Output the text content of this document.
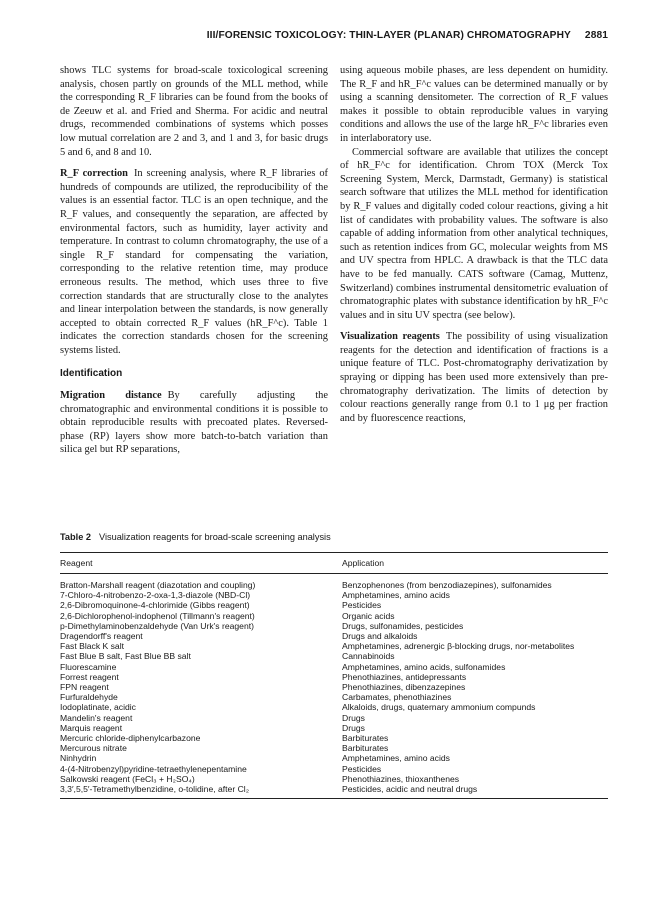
III/FORENSIC TOXICOLOGY: THIN-LAYER (PLANAR) CHROMATOGRAPHY 2881

shows TLC systems for broad-scale toxicological screening analysis, chosen partly on grounds of the MLL method, while the corresponding R_F libraries can be found from the books of de Zeeuw et al. and Fried and Sherma. For acidic and neutral drugs, recommended combinations of systems which posses low mutual correlation are 2 and 3, and 1 and 3, for basic drugs 5 and 6, and 8 and 10.

R_F correction In screening analysis, where R_F libraries of hundreds of compounds are utilized, the reproducibility of the values is an essential factor. TLC is an open technique, and the R_F values, and consequently the separation, are affected by environmental factors, such as humidity, layer activity and temperature. In contrast to column chromatography, the use of a single R_F standard for compensating the variation, corresponding to the relative retention time, may produce erroneous results. The method, which uses three to five correction standards that are structurally close to the analytes and linear interpolation between the standards, is now generally accepted to obtain corrected R_F values (hR_F^c). Table 1 indicates the correction standards chosen for the screening systems listed.

Identification

Migration distance By carefully adjusting the chromatographic and environmental conditions it is possible to obtain reproducible results with precoated plates. Reversed-phase (RP) layers show more batch-to-batch variation than silica gel but RP separations,

using aqueous mobile phases, are less dependent on humidity. The R_F and hR_F^c values can be determined manually or by using a scanning densitometer. The correction of R_F values makes it possible to obtain reproducible values in varying conditions and allows the use of the large hR_F^c libraries even in interlaboratory use.

Commercial software are available that utilizes the concept of hR_F^c for identification. Chrom TOX (Merck Tox Screening System, Merck, Darmstadt, Germany) is statistical search software that utilizes the MLL method for identification by R_F values and digitally coded colour reactions, giving a hit list of candidates with probability values. The software is also capable of adding information from other analytical techniques, such as retention indices from GC, molecular weights from MS and UV spectra from HPLC. A drawback is that the TLC data have to be fed manually. CATS software (Camag, Muttenz, Switzerland) combines instrumental densitometric evaluation of chromatographic plates with substance identification by hR_F^c values and in situ UV spectra (see below).

Visualization reagents The possibility of using visualization reagents for the detection and identification of fractions is a unique feature of TLC. Post-chromatography derivatization by spraying or dipping has been used more extensively than pre-chromatography derivatization. The limits of detection by colour reactions generally range from 0.1 to 1 μg per fraction and by fluorescence reactions,

Table 2 Visualization reagents for broad-scale screening analysis
Reagent	Application
Bratton-Marshall reagent (diazotation and coupling)	Benzophenones (from benzodiazepines), sulfonamides
7-Chloro-4-nitrobenzo-2-oxa-1,3-diazole (NBD-Cl)	Amphetamines, amino acids
2,6-Dibromoquinone-4-chlorimide (Gibbs reagent)	Pesticides
2,6-Dichlorophenol-indophenol (Tillmann's reagent)	Organic acids
p-Dimethylaminobenzaldehyde (Van Urk's reagent)	Drugs, sulfonamides, pesticides
Dragendorff's reagent	Drugs and alkaloids
Fast Black K salt	Amphetamines, adrenergic β-blocking drugs, nor-metabolites
Fast Blue B salt, Fast Blue BB salt	Cannabinoids
Fluorescamine	Amphetamines, amino acids, sulfonamides
Forrest reagent	Phenothiazines, antidepressants
FPN reagent	Phenothiazines, dibenzazepines
Furfuraldehyde	Carbamates, phenothiazines
Iodoplatinate, acidic	Alkaloids, drugs, quaternary ammonium compunds
Mandelin's reagent	Drugs
Marquis reagent	Drugs
Mercuric chloride-diphenylcarbazone	Barbiturates
Mercurous nitrate	Barbiturates
Ninhydrin	Amphetamines, amino acids
4-(4-Nitrobenzyl)pyridine-tetraethylenepentamine	Pesticides
Salkowski reagent (FeCl₃ + H₂SO₄)	Phenothiazines, thioxanthenes
3,3′,5,5′-Tetramethylbenzidine, o-tolidine, after Cl₂	Pesticides, acidic and neutral drugs
